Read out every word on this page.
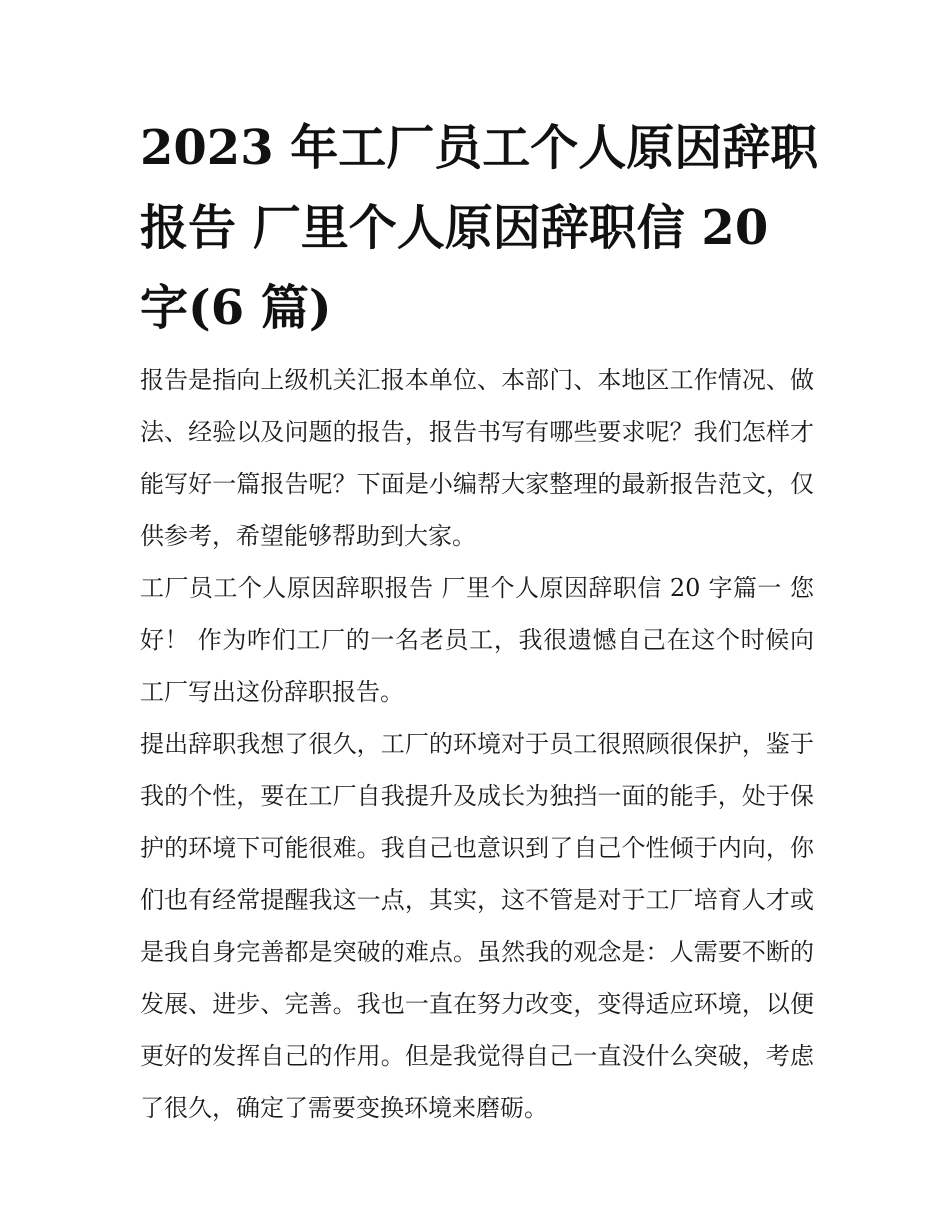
2023 年工厂员工个人原因辞职报告 厂里个人原因辞职信 20 字(6 篇)

报告是指向上级机关汇报本单位、本部门、本地区工作情况、做法、经验以及问题的报告，报告书写有哪些要求呢？我们怎样才能写好一篇报告呢？下面是小编帮大家整理的最新报告范文，仅供参考，希望能够帮助到大家。

工厂员工个人原因辞职报告 厂里个人原因辞职信 20 字篇一 您好！ 作为咋们工厂的一名老员工，我很遗憾自己在这个时候向工厂写出这份辞职报告。

提出辞职我想了很久，工厂的环境对于员工很照顾很保护，鉴于我的个性，要在工厂自我提升及成长为独挡一面的能手，处于保护的环境下可能很难。我自己也意识到了自己个性倾于内向，你们也有经常提醒我这一点，其实，这不管是对于工厂培育人才或是我自身完善都是突破的难点。虽然我的观念是：人需要不断的发展、进步、完善。我也一直在努力改变，变得适应环境，以便更好的发挥自己的作用。但是我觉得自己一直没什么突破，考虑了很久，确定了需要变换环境来磨砺。
